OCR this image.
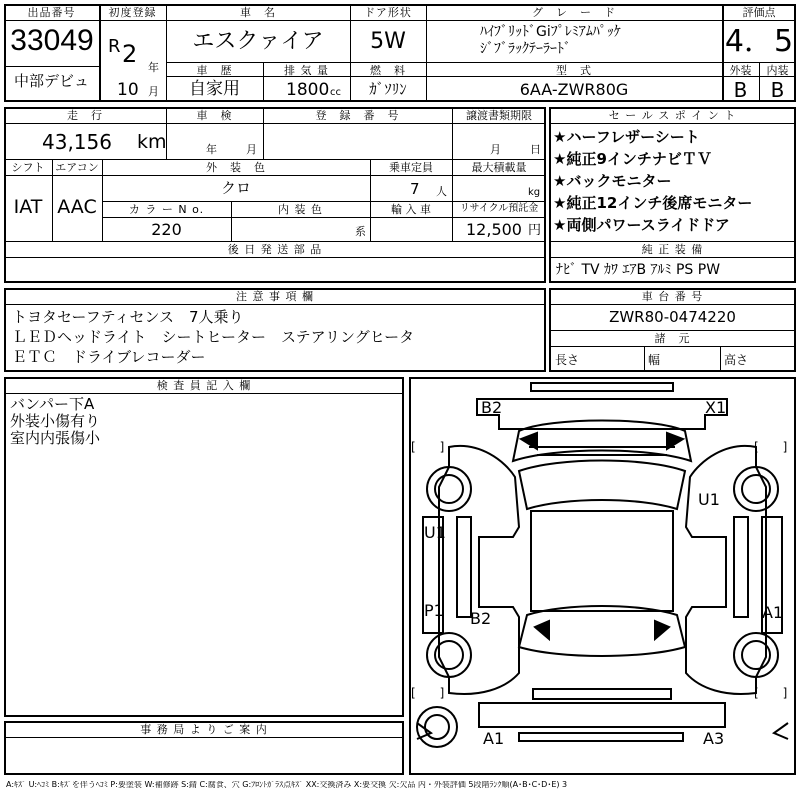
出品番号
33049
中部デビュ
初度登録
R 2 年
10 月
車　名
エスクァイア
ドア形状
5W
グ　レ　ー　ド
ﾊｲﾌﾞﾘｯﾄﾞGiﾌﾟﾚﾐｱﾑﾊﾟｯｹ
ｼﾞﾌﾞﾗｯｸﾃｰﾗｰﾄﾞ
評価点
4．5
外装	内装
B	B
車　歴
自家用
排 気 量
1800 cc
燃　料
ｶﾞｿﾘﾝ
型　式
6AA-ZWR80G
走　行
43,156 km
車　検
年	月
登　録　番　号	譲渡書類期限
月	日
シフト
IAT
エアコン
AAC
外　装　色
クロ
乗車定員
7 人
最大積載量
kg
カ ラ ー N o.
220
内 装 色
系
輸 入 車	リサイクル預託金
12,500 円
後 日 発 送 部 品
セ ー ル ス ポ イ ン ト
★ハーフレザーシート
★純正9インチナビＴＶ
★バックモニター
★純正12インチ後席モニター
★両側パワースライドドア
純 正 装 備
ﾅﾋﾞ TV ｶﾜ ｴｱB ｱﾙﾐ PS PW
注 意 事 項 欄
トヨタセーフティセンス　7人乗り
ＬＥＤヘッドライト　シートヒーター　ステアリングヒータ
ＥＴＣ　ドライブレコーダー
車 台 番 号
ZWR80-0474220
諸　元
長さ	幅	高さ
検 査 員 記 入 欄
バンパー下A
外装小傷有り
室内内張傷小
事 務 局 よ り ご 案 内
B2	X1
U1
U1
P1 B2	A1
A1	A3
[　　]	[　　]
[　　]	[　　]
A:ｷｽﾞ U:ﾍｺﾐ B:ｷｽﾞを伴うﾍｺﾐ P:要塗装 W:補修跡 S:錆 C:腐食、穴 G:ﾌﾛﾝﾄｶﾞﾗｽ点ｷｽﾞ XX:交換済み X:要交換 欠:欠品 内・外装評価 5段階ﾗﾝｸ順(A･B･C･D･E) 3
